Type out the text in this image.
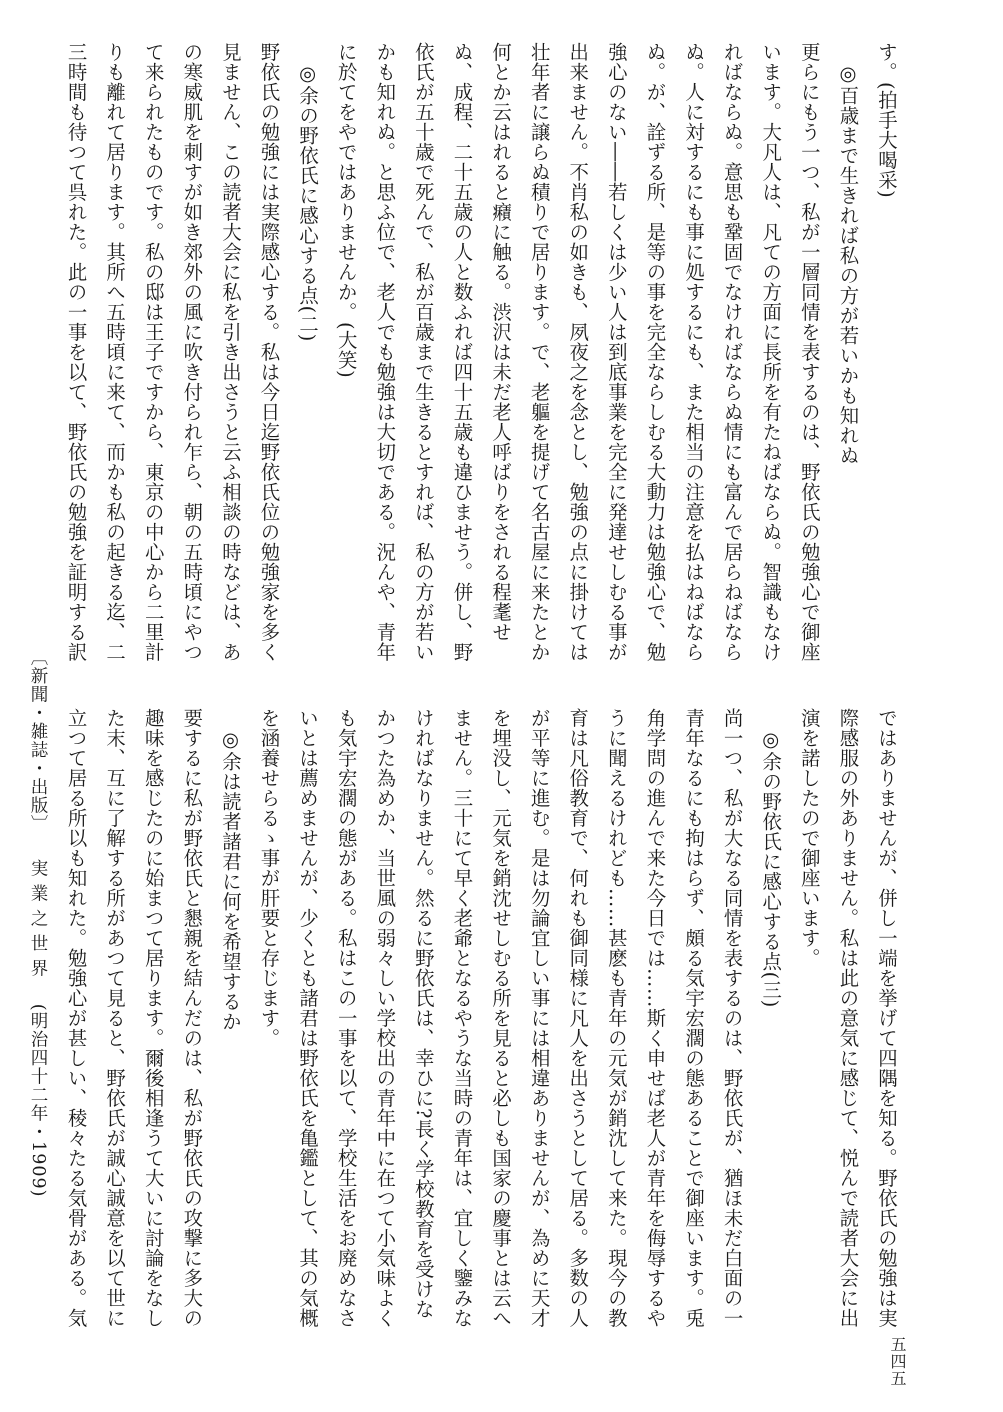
す。(拍手大喝采)
　◎百歳まで生きれば私の方が若いかも知れぬ
更らにもう一つ、私が一層同情を表するのは、野依氏の勉強心で御座
います。大凡人は、凡ての方面に長所を有たねばならぬ。智識もなけ
ればならぬ。意思も鞏固でなければならぬ情にも富んで居らねばなら
ぬ。人に対するにも事に処するにも、また相当の注意を払はねばなら
ぬ。が、詮ずる所、是等の事を完全ならしむる大動力は勉強心で、勉
強心のない――若しくは少い人は到底事業を完全に発達せしむる事が
出来ません。不肖私の如きも、夙夜之を念とし、勉強の点に掛けては
壮年者に譲らぬ積りで居ります。で、老軀を提げて名古屋に来たとか
何とか云はれると癪に触る。渋沢は未だ老人呼ばりをされる程耄せ
ぬ、成程、二十五歳の人と数ふれば四十五歳も違ひませう。併し、野
依氏が五十歳で死んで、私が百歳まで生きるとすれば、私の方が若い
かも知れぬ。と思ふ位で、老人でも勉強は大切である。況んや、青年
に於てをやではありませんか。(大笑)
　◎余の野依氏に感心する点(二)
野依氏の勉強には実際感心する。私は今日迄野依氏位の勉強家を多く
見ません、この読者大会に私を引き出さうと云ふ相談の時などは、あ
の寒威肌を刺すが如き郊外の風に吹き付られ乍ら、朝の五時頃にやつ
て来られたものです。私の邸は王子ですから、東京の中心から二里計
りも離れて居ります。其所へ五時頃に来て、而かも私の起きる迄、二
三時間も待つて呉れた。此の一事を以て、野依氏の勉強を証明する訳
ではありませんが、併し一端を挙げて四隅を知る。野依氏の勉強は実
際感服の外ありません。私は此の意気に感じて、悦んで読者大会に出
演を諾したので御座います。
　◎余の野依氏に感心する点(三)
尚一つ、私が大なる同情を表するのは、野依氏が、猶ほ未だ白面の一
青年なるにも拘はらず、頗る気宇宏濶の態あることで御座います。兎
角学問の進んで来た今日では……斯く申せば老人が青年を侮辱するや
うに聞えるけれども……甚麽も青年の元気が銷沈して来た。現今の教
育は凡俗教育で、何れも御同様に凡人を出さうとして居る。多数の人
が平等に進む。是は勿論宜しい事には相違ありませんが、為めに天才
を埋没し、元気を銷沈せしむる所を見ると必しも国家の慶事とは云へ
ません。三十にて早く老爺となるやうな当時の青年は、宜しく鑒みな
ければなりません。然るに野依氏は、幸ひに?長く学校教育を受けな
かつた為めか、当世風の弱々しい学校出の青年中に在つて小気味よく
も気宇宏濶の態がある。私はこの一事を以て、学校生活をお廃めなさ
いとは薦めませんが、少くとも諸君は野依氏を亀鑑として、其の気概
を涵養せらるゝ事が肝要と存じます。
　◎余は読者諸君に何を希望するか
要するに私が野依氏と懇親を結んだのは、私が野依氏の攻撃に多大の
趣味を感じたのに始まつて居ります。爾後相逢うて大いに討論をなし
た末、互に了解する所があつて見ると、野依氏が誠心誠意を以て世に
立つて居る所以も知れた。勉強心が甚しい、稜々たる気骨がある。気
〔新聞・雑誌・出版〕実 業 之 世 界(明治四十二年・1909)
五四五
